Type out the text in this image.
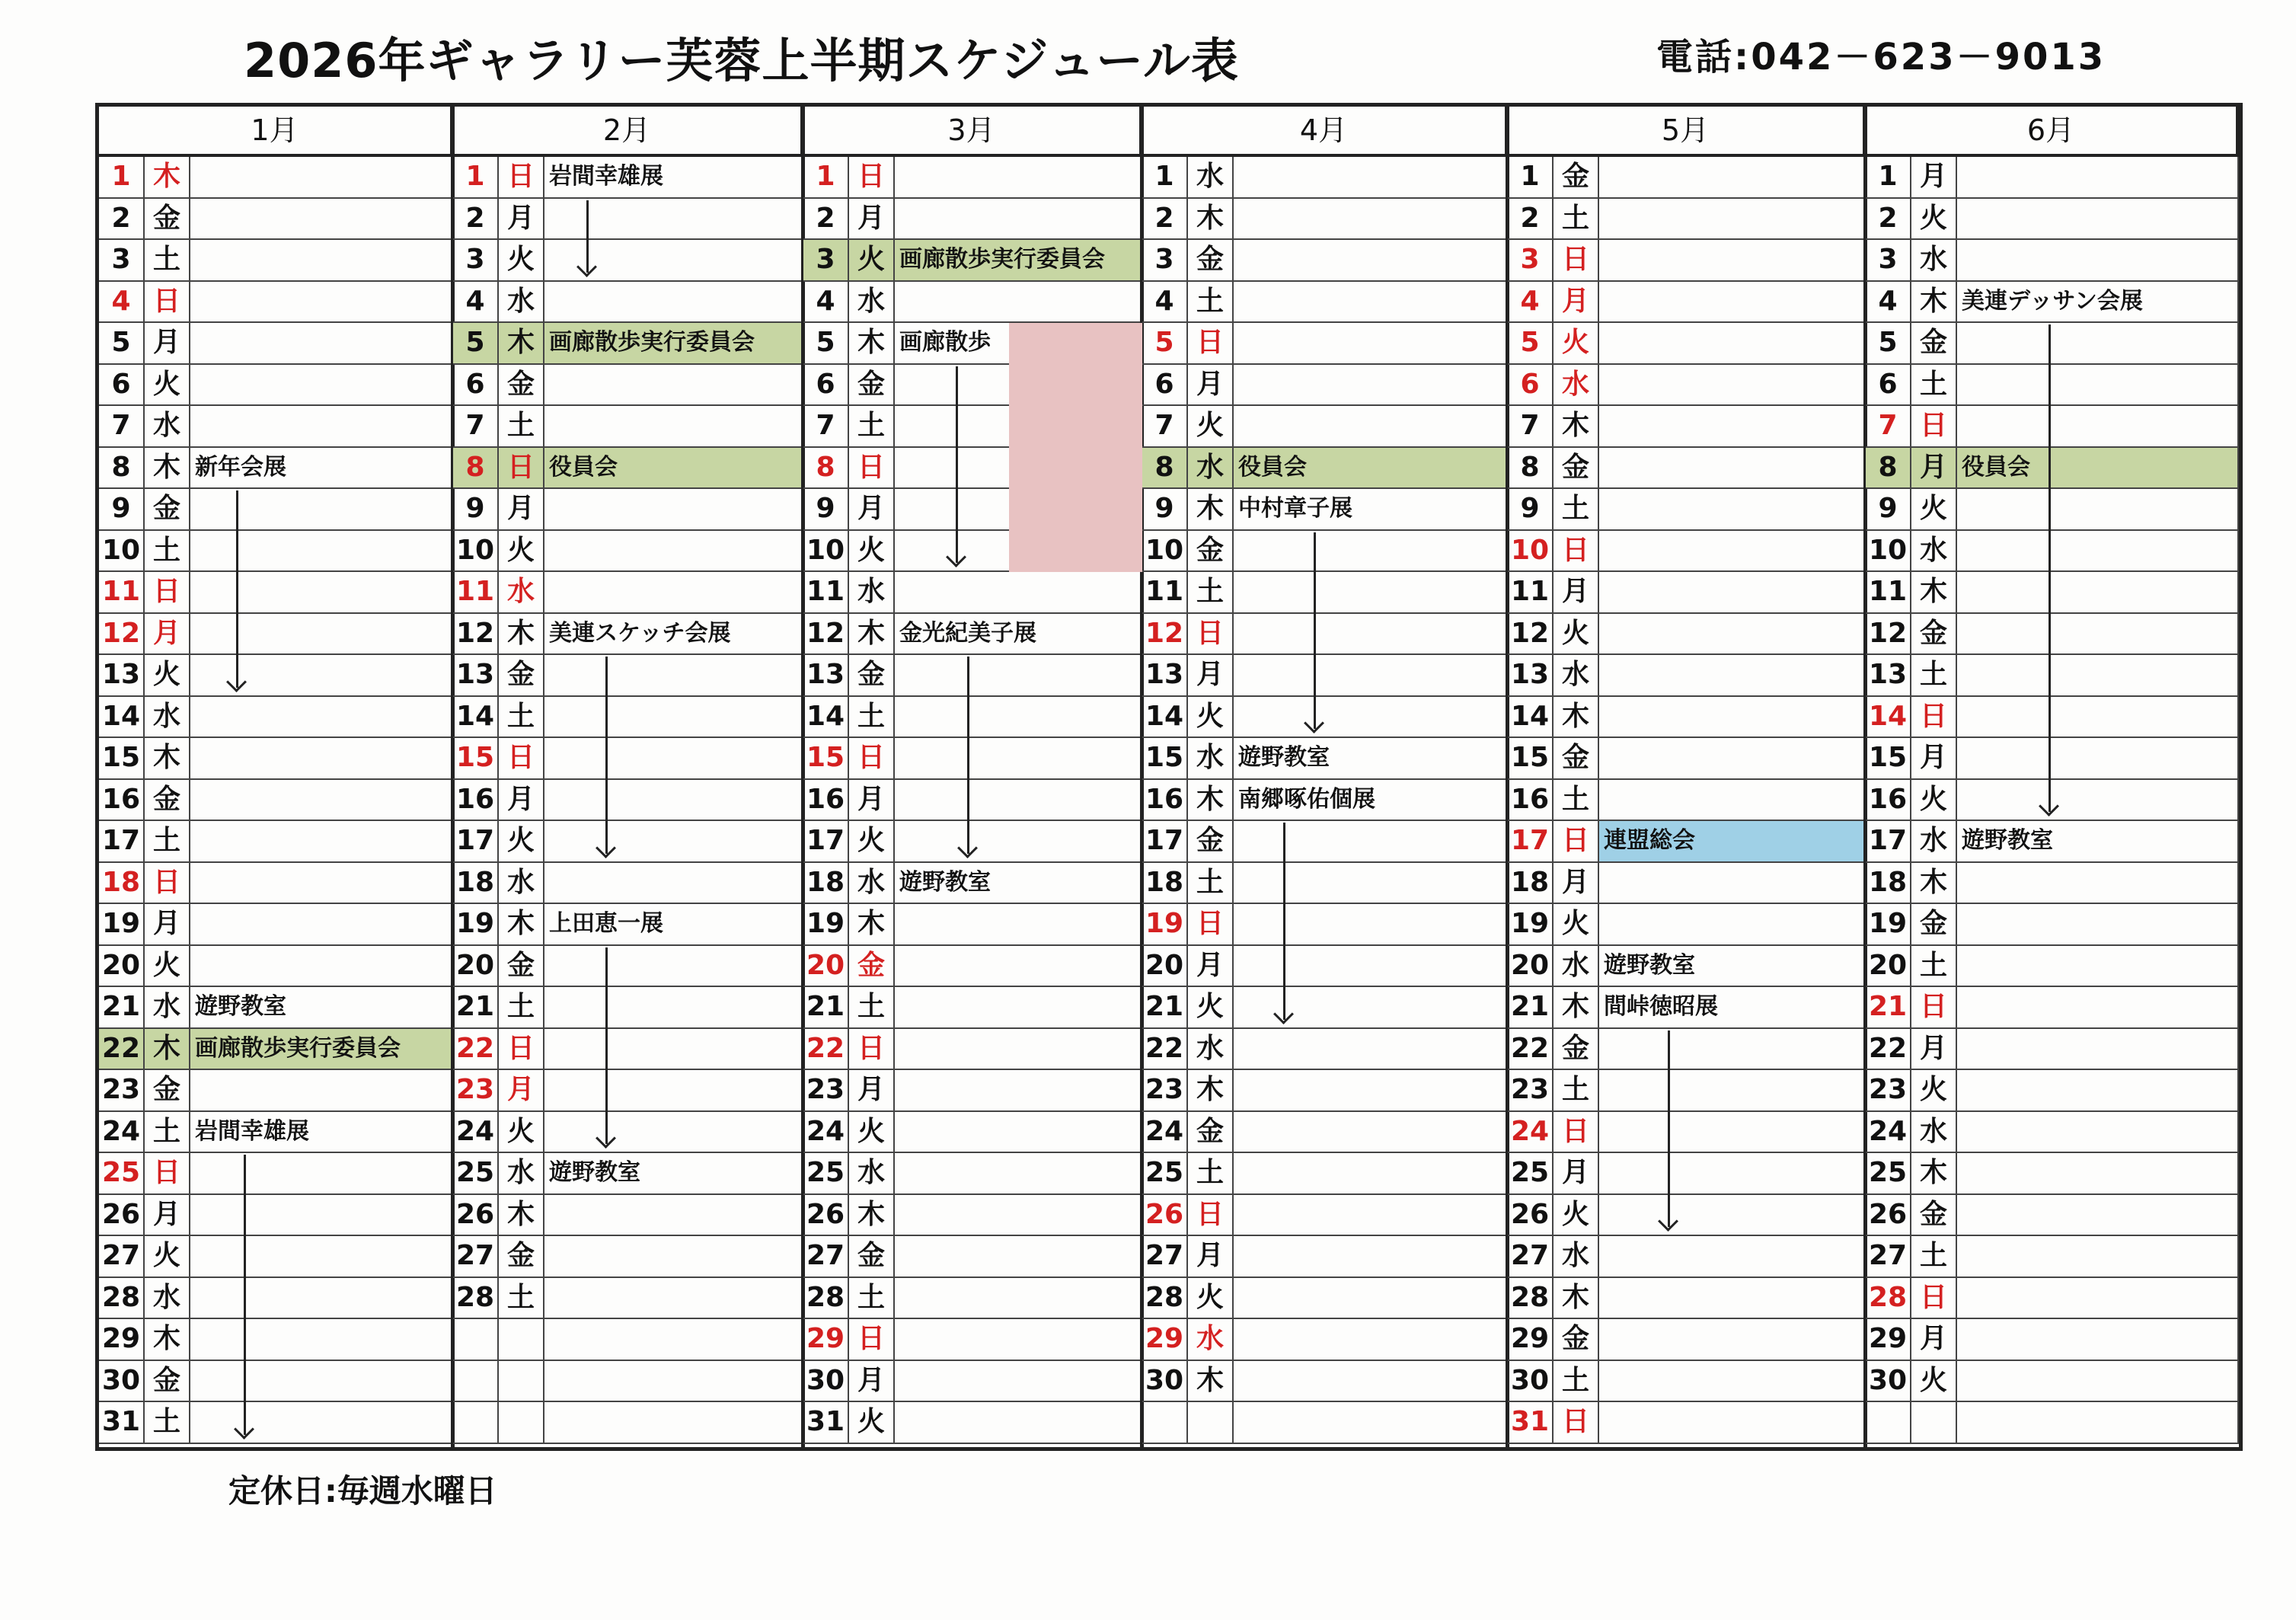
2026年ギャラリー芙蓉上半期スケジュール表	電話:042－623－9013
1月
1 木
2 金
3 土
4 日
5 月
6 火
7 水
8 木 新年会展
9 金
10 土
11 日
12 月
13 火
14 水
15 木
16 金
17 土
18 日
19 月
20 火
21 水 遊野教室
22 木 画廊散歩実行委員会
23 金
24 土 岩間幸雄展
25 日
26 月
27 火
28 水
29 木
30 金
31 土
2月
1 日 岩間幸雄展
2 月
3 火
4 水
5 木 画廊散歩実行委員会
6 金
7 土
8 日 役員会
9 月
10 火
11 水
12 木 美連スケッチ会展
13 金
14 土
15 日
16 月
17 火
18 水
19 木 上田恵一展
20 金
21 土
22 日
23 月
24 火
25 水 遊野教室
26 木
27 金
28 土
3月
1 日
2 月
3 火 画廊散歩実行委員会
4 水
5 木 画廊散歩
6 金
7 土
8 日
9 月
10 火
11 水
12 木 金光紀美子展
13 金
14 土
15 日
16 月
17 火
18 水 遊野教室
19 木
20 金
21 土
22 日
23 月
24 火
25 水
26 木
27 金
28 土
29 日
30 月
31 火
4月
1 水
2 木
3 金
4 土
5 日
6 月
7 火
8 水 役員会
9 木 中村章子展
10 金
11 土
12 日
13 月
14 火
15 水 遊野教室
16 木 南郷啄佑個展
17 金
18 土
19 日
20 月
21 火
22 水
23 木
24 金
25 土
26 日
27 月
28 火
29 水
30 木
5月
1 金
2 土
3 日
4 月
5 火
6 水
7 木
8 金
9 土
10 日
11 月
12 火
13 水
14 木
15 金
16 土
17 日 連盟総会
18 月
19 火
20 水 遊野教室
21 木 間峠徳昭展
22 金
23 土
24 日
25 月
26 火
27 水
28 木
29 金
30 土
31 日
6月
1 月
2 火
3 水
4 木 美連デッサン会展
5 金
6 土
7 日
8 月 役員会
9 火
10 水
11 木
12 金
13 土
14 日
15 月
16 火
17 水 遊野教室
18 木
19 金
20 土
21 日
22 月
23 火
24 水
25 木
26 金
27 土
28 日
29 月
30 火
定休日:毎週水曜日
